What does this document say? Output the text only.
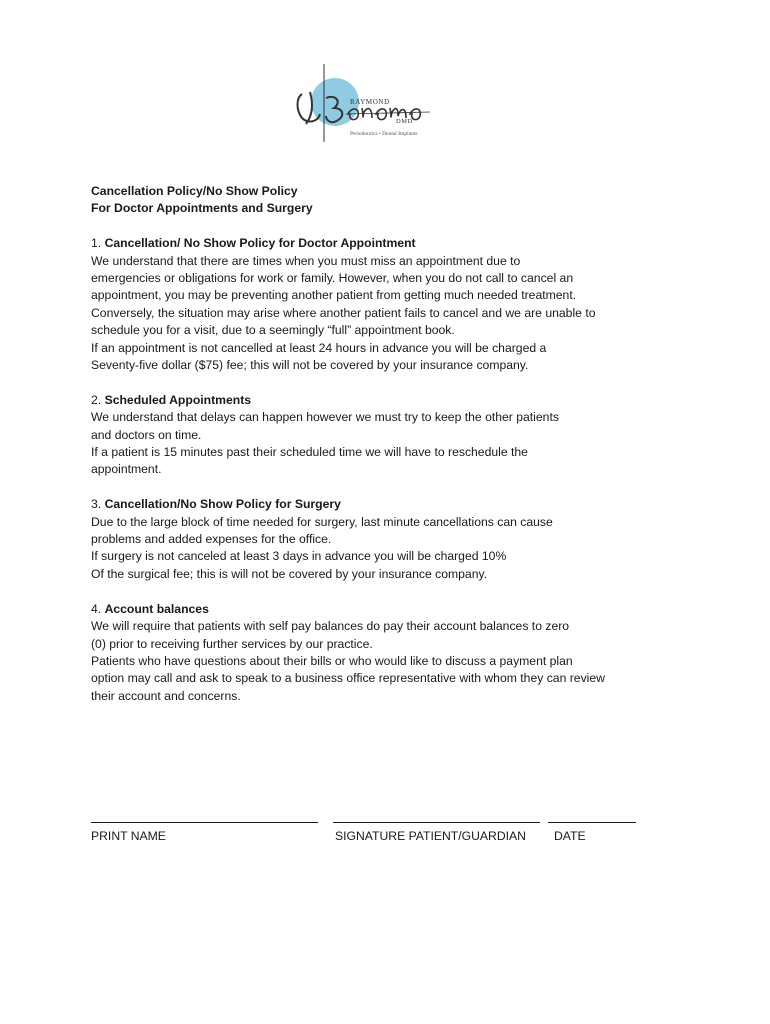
RAYMOND
DMD
Periodontics • Dental Implants
Cancellation Policy/No Show Policy
For Doctor Appointments and Surgery
1. Cancellation/ No Show Policy for Doctor Appointment
We understand that there are times when you must miss an appointment due to
emergencies or obligations for work or family. However, when you do not call to cancel an
appointment, you may be preventing another patient from getting much needed treatment.
Conversely, the situation may arise where another patient fails to cancel and we are unable to
schedule you for a visit, due to a seemingly “full” appointment book.
If an appointment is not cancelled at least 24 hours in advance you will be charged a
Seventy-five dollar ($75) fee; this will not be covered by your insurance company.
2. Scheduled Appointments
We understand that delays can happen however we must try to keep the other patients
and doctors on time.
If a patient is 15 minutes past their scheduled time we will have to reschedule the
appointment.
3. Cancellation/No Show Policy for Surgery
Due to the large block of time needed for surgery, last minute cancellations can cause
problems and added expenses for the office.
If surgery is not canceled at least 3 days in advance you will be charged 10%
Of the surgical fee; this is will not be covered by your insurance company.
4. Account balances
We will require that patients with self pay balances do pay their account balances to zero
(0) prior to receiving further services by our practice.
Patients who have questions about their bills or who would like to discuss a payment plan
option may call and ask to speak to a business office representative with whom they can review
their account and concerns.
PRINT NAME	SIGNATURE PATIENT/GUARDIAN	DATE
